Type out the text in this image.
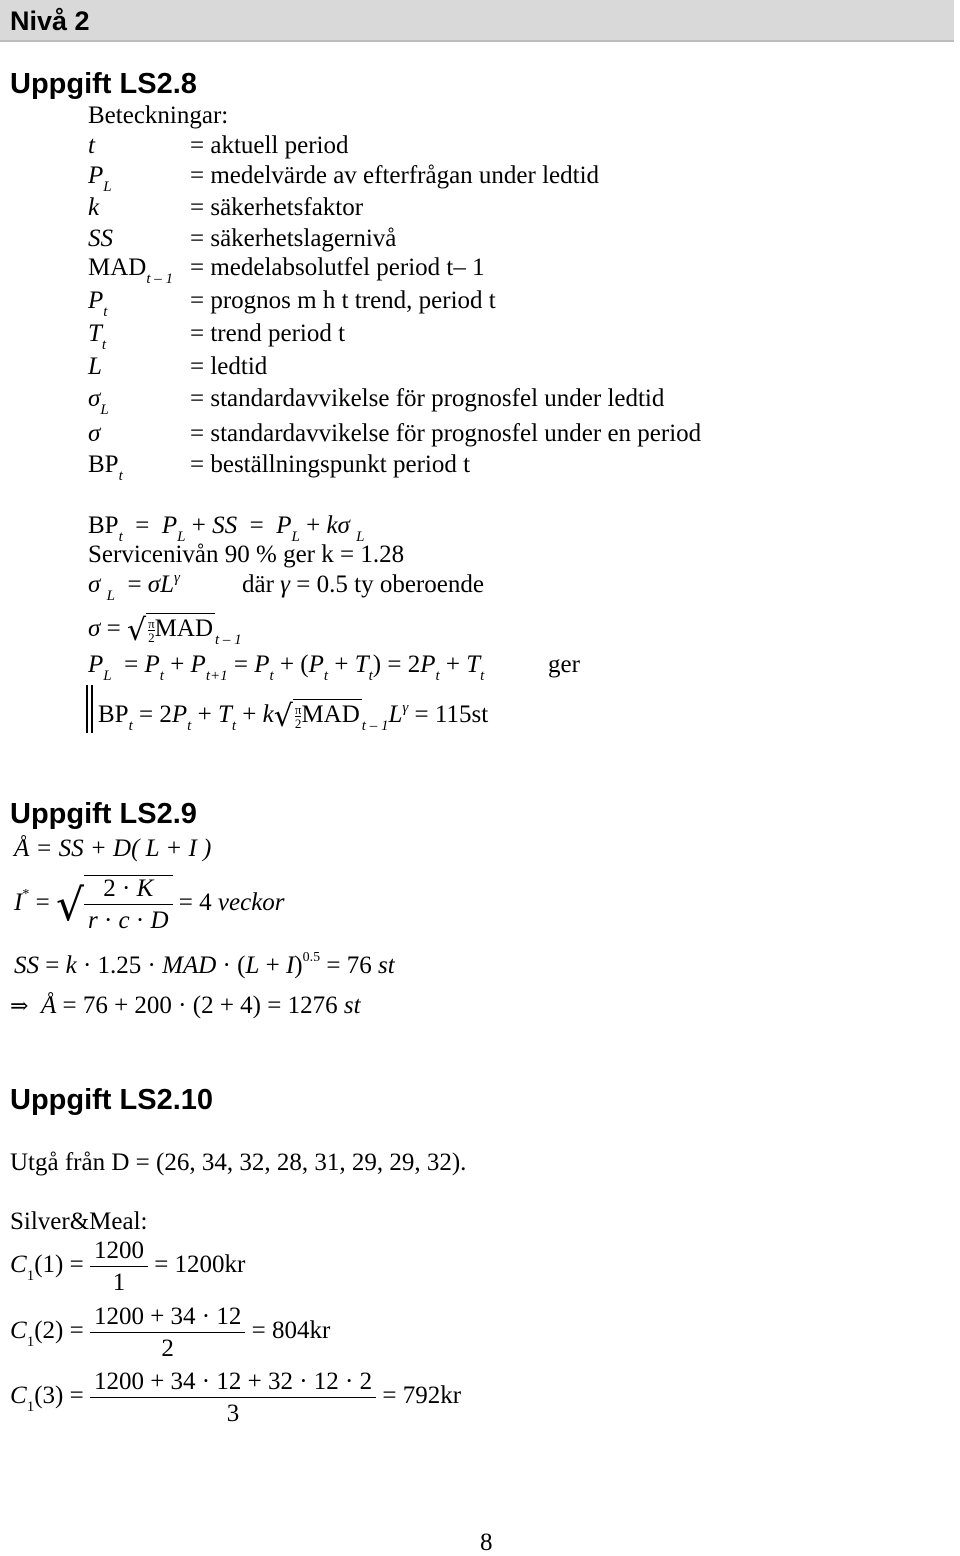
Nivå 2
Uppgift LS2.8
Beteckningar:
t	= aktuell period
$P_L$	= medelvärde av efterfrågan under ledtid
k	= säkerhetsfaktor
SS	= säkerhetslagernivå
$MAD_{t - 1}$ = medelabsolutfel period t– 1
$P_t$	= prognos m h t trend, period t
$T_t$	= trend period t
L	= ledtid
$\sigma_L$	= standardavvikelse för prognosfel under ledtid
σ	= standardavvikelse för prognosfel under en period
$BP_t$	= beställningspunkt period t
$BP_t = P_L$ + SS  =  $P_L + k\sigma$ $_L$
Servicenivån 90 % ger k = 1.28
σ $_L = \sigma L^\gamma$ där γ = 0.5 ty oberoende
σ = √ $\frac{\pi}{2}$ MAD $_{t - 1}$
$P_L = P_t + P_{t+1} = P_t + (P_t + T_t) = 2P_t + T_t$	ger
$BP_t = 2P_t + T_t + k√ \frac{\pi}{2}$ MAD $_{t - 1}L^\gamma = 115st$
Uppgift LS2.9
Å = SS + D( L + I )
I* = √ $\frac{2 \cdot K}{r \cdot c \cdot D} = 4$ veckor
SS = k · 1.25 · MAD · $(L + I)^{0.5} = 76$ st
⇒ Å = 76 + 200 · (2 + 4) = 1276 st
Uppgift LS2.10
Utgå från D = (26, 34, 32, 28, 31, 29, 29, 32).
Silver&Meal:
$C_1(1) = \frac{1200}{1} = 1200kr$
$C_1(2) = \frac{1200 + 34 \cdot 12}{2} = 804kr$
$C_1(3) = \frac{1200 + 34 \cdot 12 + 32 \cdot 12 \cdot 2}{3} = 792kr$
8
